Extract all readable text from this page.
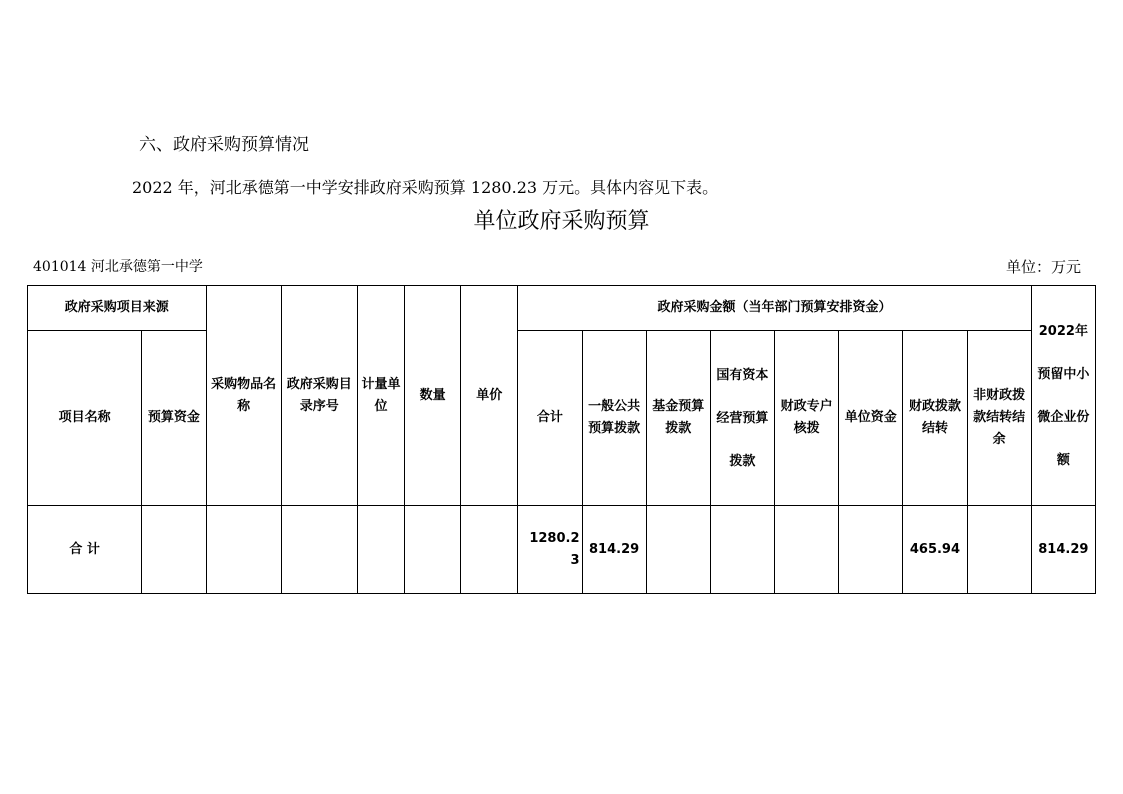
六、政府采购预算情况
2022 年，河北承德第一中学安排政府采购预算 1280.23 万元。具体内容见下表。
单位政府采购预算
401014 河北承德第一中学	单位：万元
政府采购项目来源		采购物品名称	政府采购目录序号	计量单位	数量	单价	政府采购金额（当年部门预算安排资金）								2022年预留中小微企业份额
项目名称	预算资金						合计	一般公共预算拨款	基金预算拨款	国有资本经营预算拨款	财政专户核拨	单位资金	财政拨款结转	非财政拨款结转结余	
合 计							1280.23	814.29					465.94		814.29
